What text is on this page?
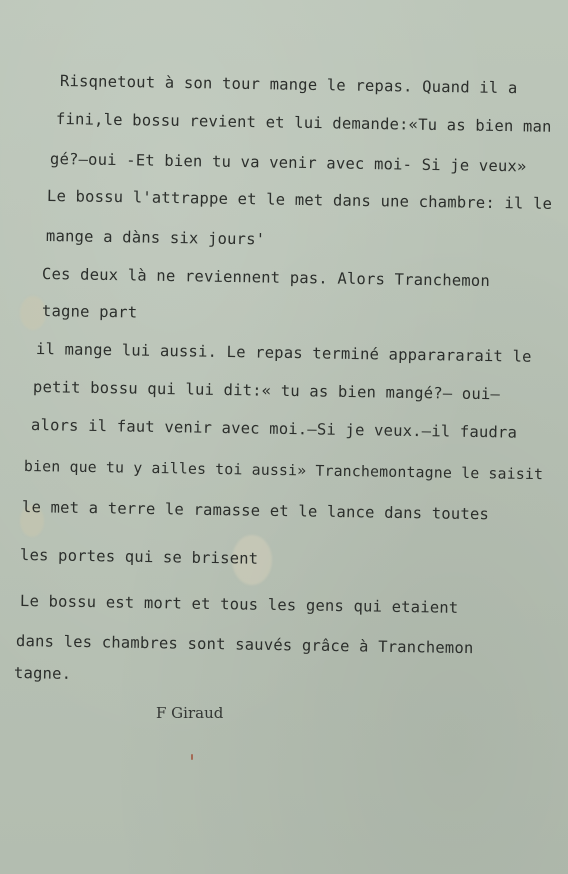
Risqnetout à son tour mange le repas. Quand il a
fini,le bossu revient et lui demande:«Tu as bien man
gé?—oui -Et bien tu va venir avec moi- Si je veux»
Le bossu l'attrappe et le met dans une chambre: il le
mange a dàns six jours'
Ces deux là ne reviennent pas. Alors Tranchemon
tagne part
il mange lui aussi. Le repas terminé apparararait le
petit bossu qui lui dit:« tu as bien mangé?— oui—
alors il faut venir avec moi.—Si je veux.—il faudra
bien que tu y ailles toi aussi» Tranchemontagne le saisit
le met a terre le ramasse et le lance dans toutes
les portes qui se brisent
Le bossu est mort et tous les gens qui etaient
dans les chambres sont sauvés grâce à Tranchemon
tagne.
F Giraud
